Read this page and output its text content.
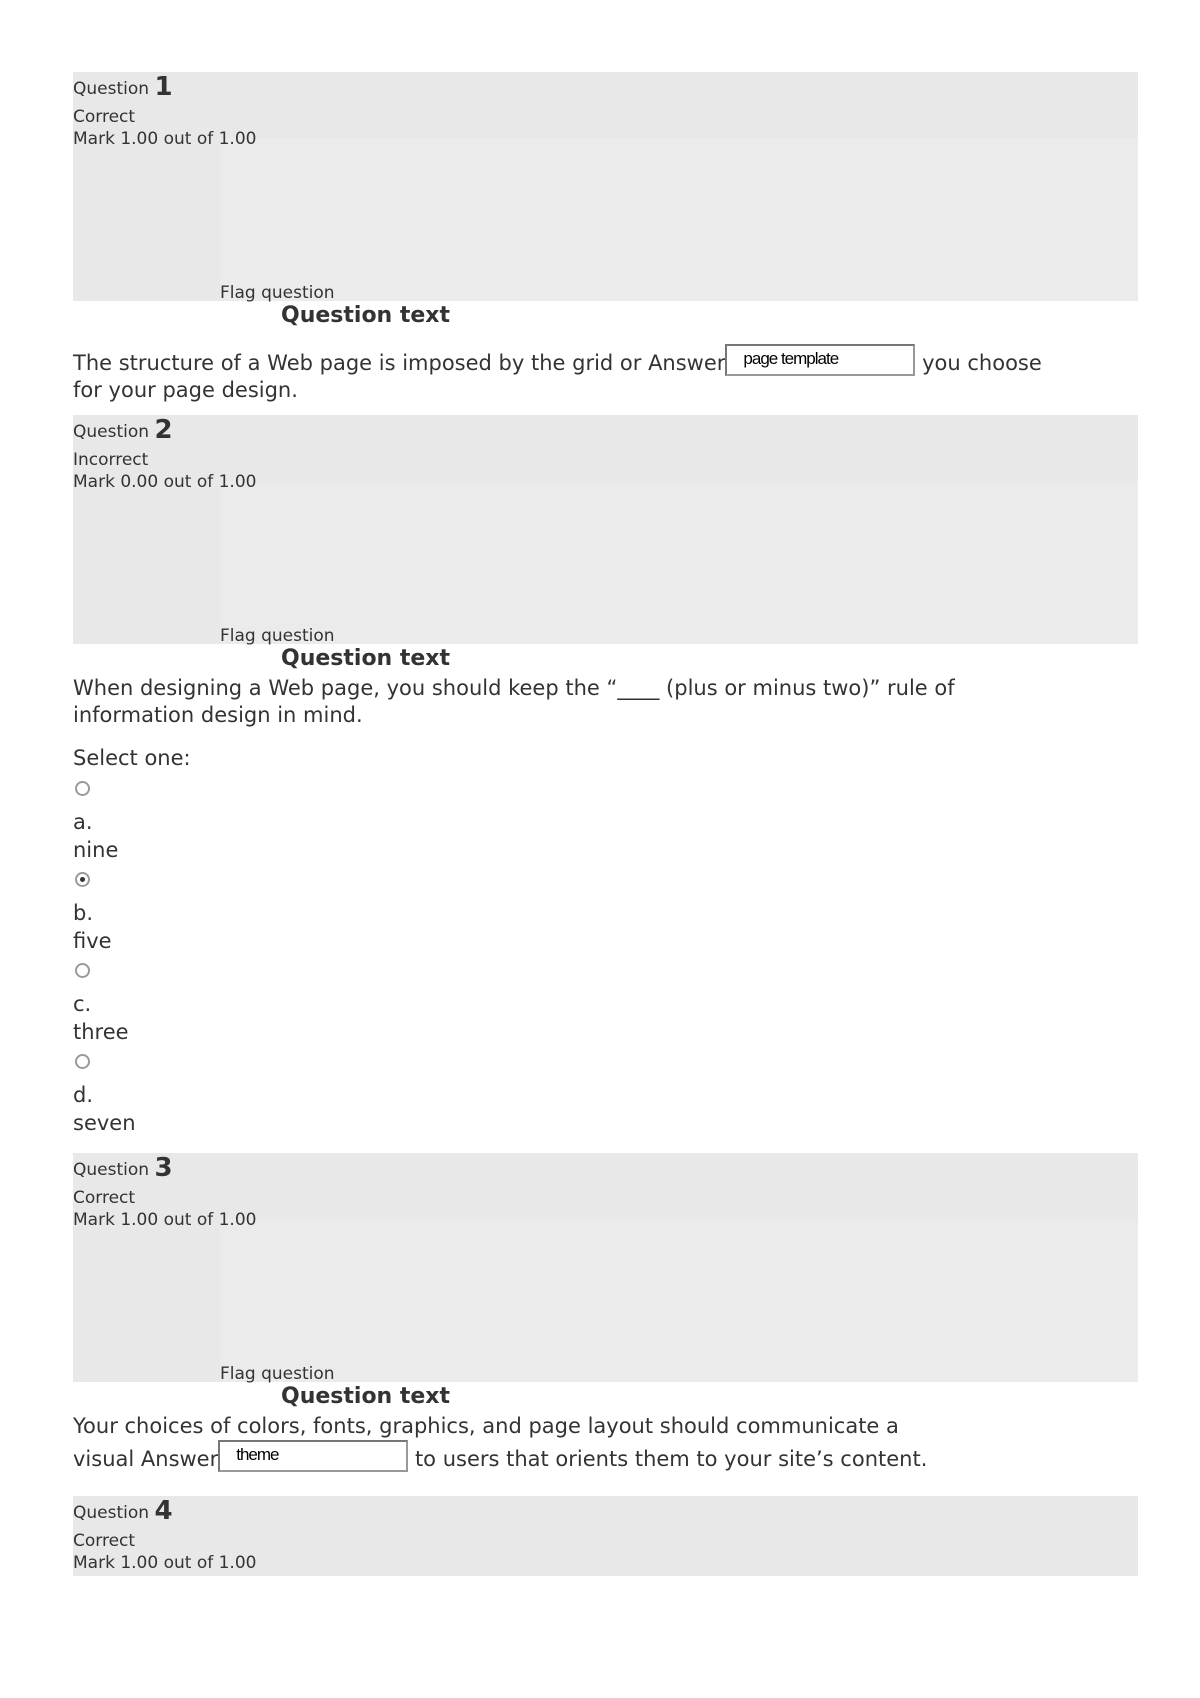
Question 1
Correct
Mark 1.00 out of 1.00
Flag question
Question text
The structure of a Web page is imposed by the grid or Answer page template	you choose
for your page design.
Question 2
Incorrect
Mark 0.00 out of 1.00
Flag question
Question text
When designing a Web page, you should keep the “____ (plus or minus two)” rule of
information design in mind.
Select one:
a.
nine
b.
five
c.
three
d.
seven
Question 3
Correct
Mark 1.00 out of 1.00
Flag question
Question text
Your choices of colors, fonts, graphics, and page layout should communicate a
visual Answer theme	to users that orients them to your site’s content.
Question 4
Correct
Mark 1.00 out of 1.00
